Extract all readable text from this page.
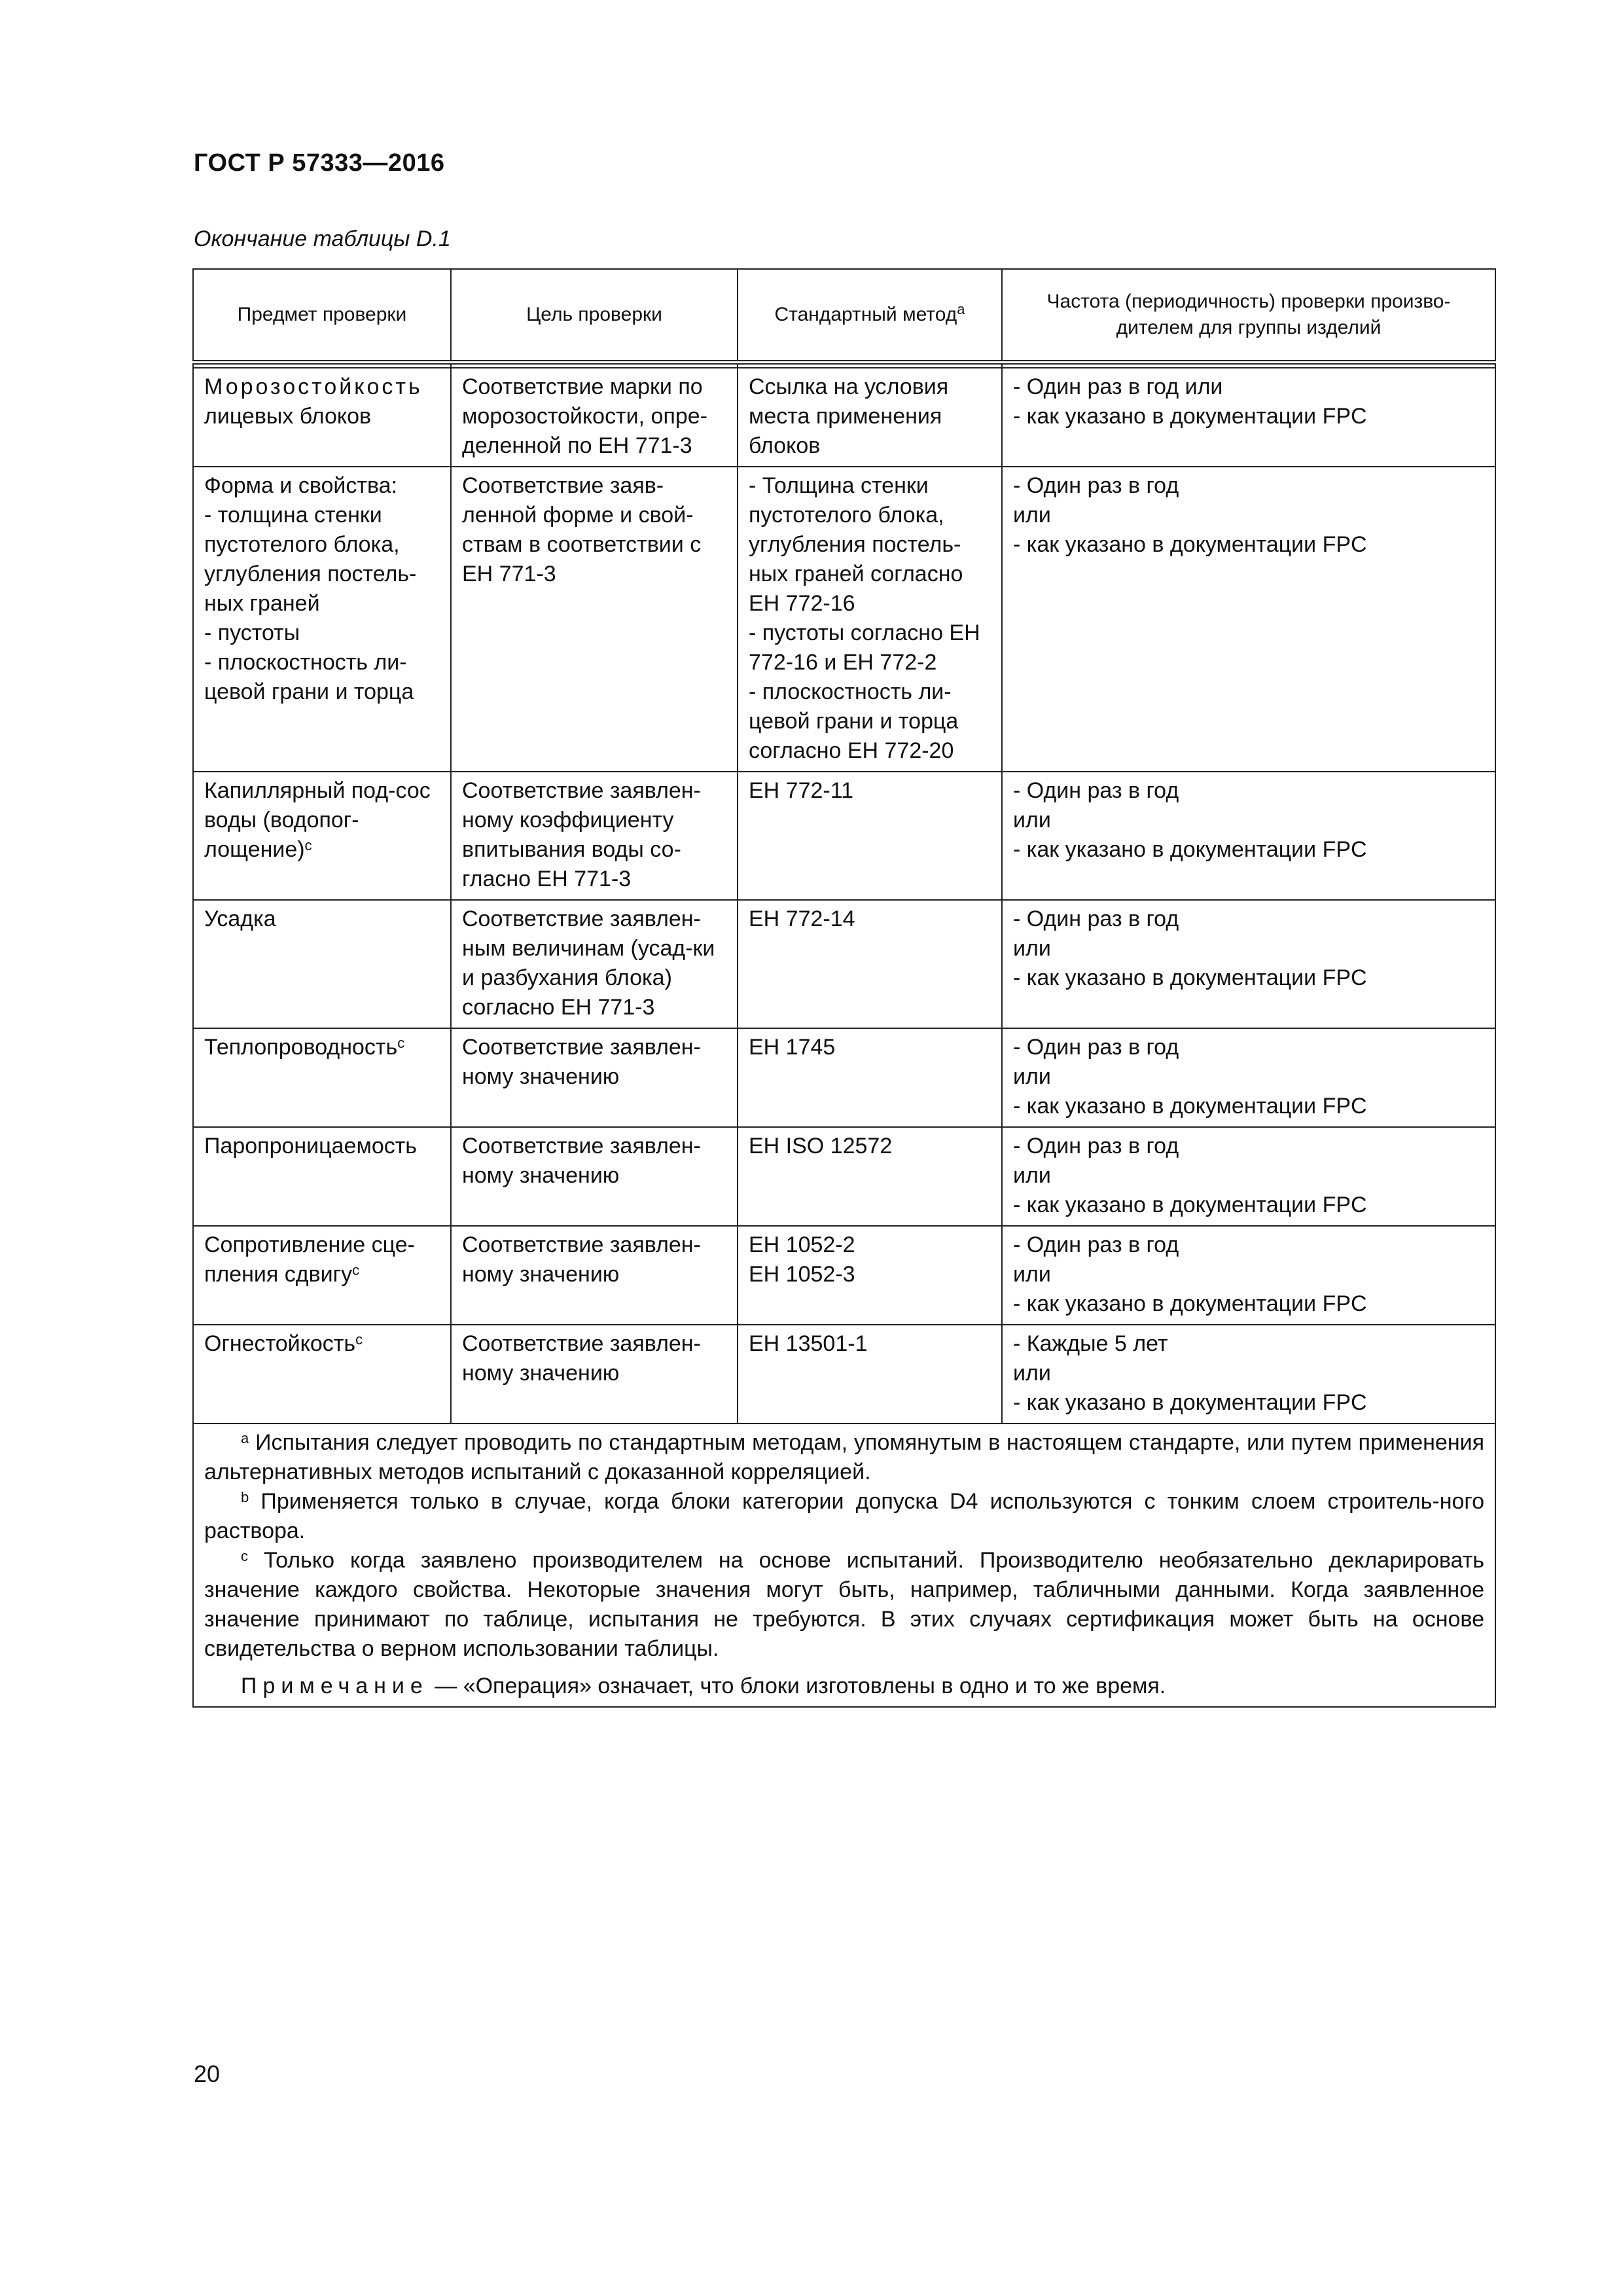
ГОСТ Р 57333—2016
Окончание таблицы D.1
Предмет проверки	Цель проверки	Стандартный метод$^a$	Частота (периодичность) проверки произво-дителем для группы изделий

Морозостойкость
лицевых блоков	Соответствие марки по морозостойкости, опре-деленной по ЕН 771-3	Ссылка на условия места применения блоков	- Один раз в год или
- как указано в документации FPC

Форма и свойства:
- толщина стенки пустотелого блока, углубления постель-ных граней
- пустоты
- плоскостность ли-цевой грани и торца	Соответствие заяв-ленной форме и свой-ствам в соответствии с ЕН 771-3	- Толщина стенки пустотелого блока, углубления постель-ных граней согласно ЕН 772-16
- пустоты согласно ЕН 772-16 и ЕН 772-2
- плоскостность ли-цевой грани и торца согласно ЕН 772-20	- Один раз в год
или
- как указано в документации FPC

Капиллярный под-сос воды (водопог-лощение)$^c$	Соответствие заявлен-ному коэффициенту впитывания воды со-гласно ЕН 771-3	ЕН 772-11	- Один раз в год
или
- как указано в документации FPC

Усадка	Соответствие заявлен-ным величинам (усад-ки и разбухания блока) согласно ЕН 771-3	ЕН 772-14	- Один раз в год
или
- как указано в документации FPC

Теплопроводность$^c$	Соответствие заявлен-ному значению	ЕН 1745	- Один раз в год
или
- как указано в документации FPC

Паропроницаемость	Соответствие заявлен-ному значению	ЕН ISO 12572	- Один раз в год
или
- как указано в документации FPC

Сопротивление сце-пления сдвигу$^c$	Соответствие заявлен-ному значению	ЕН 1052-2
ЕН 1052-3	- Один раз в год
или
- как указано в документации FPC

Огнестойкость$^c$	Соответствие заявлен-ному значению	ЕН 13501-1	- Каждые 5 лет
или
- как указано в документации FPC

$^a$ Испытания следует проводить по стандартным методам, упомянутым в настоящем стандарте, или путем применения альтернативных методов испытаний с доказанной корреляцией.
$^b$ Применяется только в случае, когда блоки категории допуска D4 используются с тонким слоем строитель-ного раствора.
$^c$ Только когда заявлено производителем на основе испытаний. Производителю необязательно декларировать значение каждого свойства. Некоторые значения могут быть, например, табличными данными. Когда заявленное значение принимают по таблице, испытания не требуются. В этих случаях сертификация может быть на основе свидетельства о верном использовании таблицы.
Примечание — «Операция» означает, что блоки изготовлены в одно и то же время.			
20
